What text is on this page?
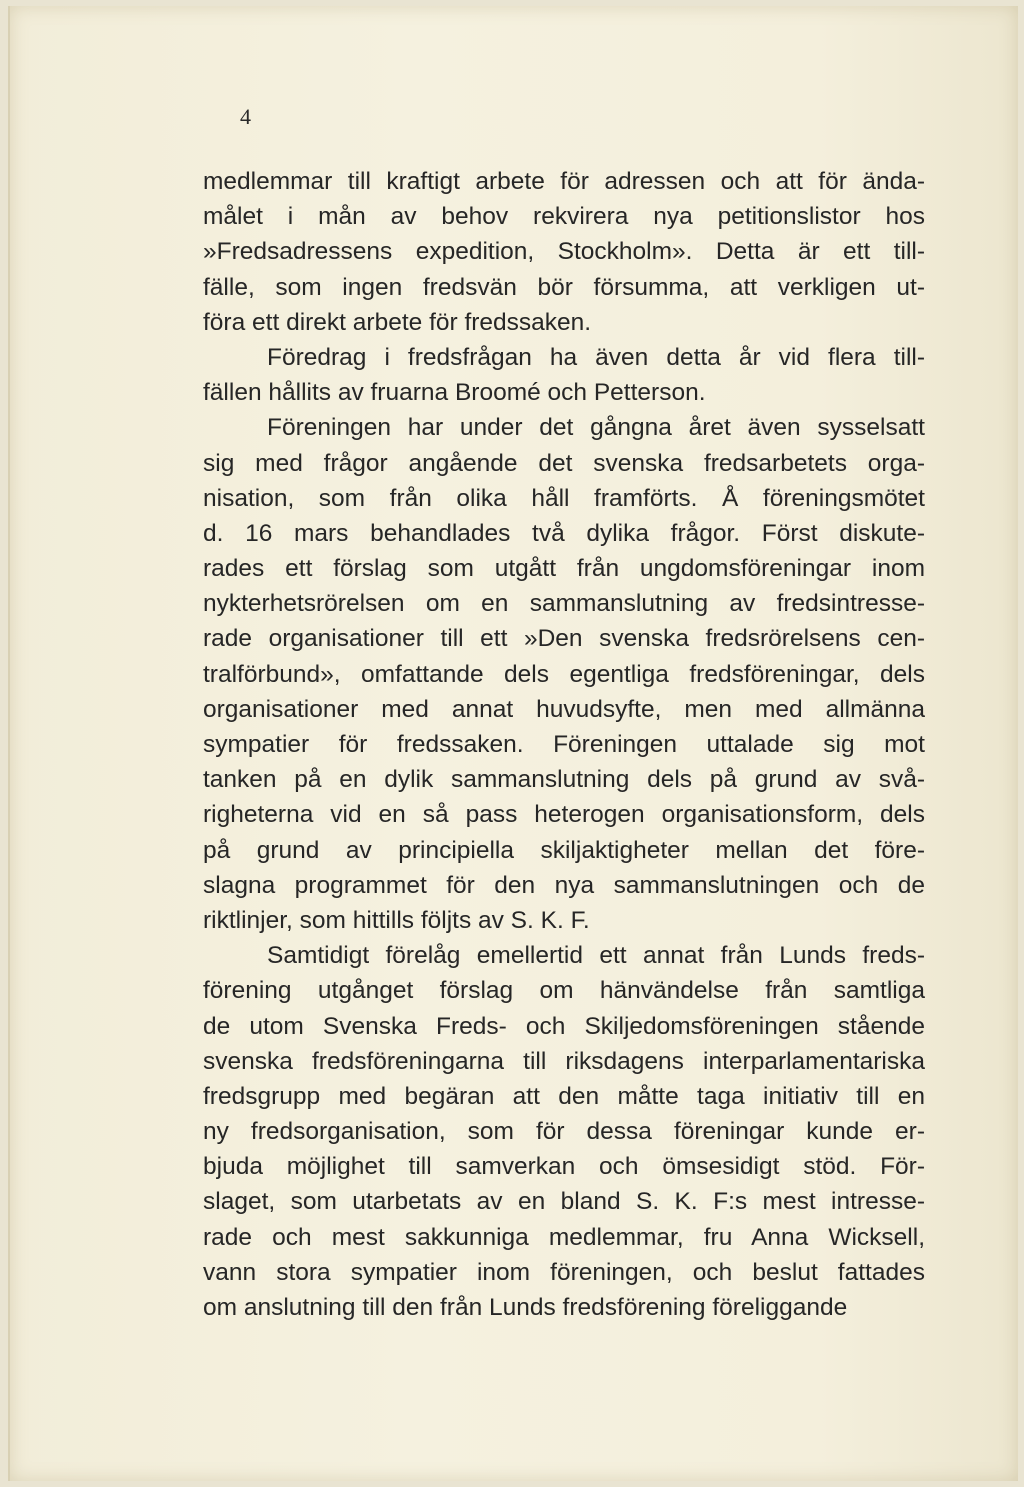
4

medlemmar till kraftigt arbete för adressen och att för ända-
målet i mån av behov rekvirera nya petitionslistor hos
»Fredsadressens expedition, Stockholm». Detta är ett till-
fälle, som ingen fredsvän bör försumma, att verkligen ut-
föra ett direkt arbete för fredssaken.
Föredrag i fredsfrågan ha även detta år vid flera till-
fällen hållits av fruarna Broomé och Petterson.
Föreningen har under det gångna året även sysselsatt
sig med frågor angående det svenska fredsarbetets orga-
nisation, som från olika håll framförts. Å föreningsmötet
d. 16 mars behandlades två dylika frågor. Först diskute-
rades ett förslag som utgått från ungdomsföreningar inom
nykterhetsrörelsen om en sammanslutning av fredsintresse-
rade organisationer till ett »Den svenska fredsrörelsens cen-
tralförbund», omfattande dels egentliga fredsföreningar, dels
organisationer med annat huvudsyfte, men med allmänna
sympatier för fredssaken. Föreningen uttalade sig mot
tanken på en dylik sammanslutning dels på grund av svå-
righeterna vid en så pass heterogen organisationsform, dels
på grund av principiella skiljaktigheter mellan det före-
slagna programmet för den nya sammanslutningen och de
riktlinjer, som hittills följts av S. K. F.
Samtidigt förelåg emellertid ett annat från Lunds freds-
förening utgånget förslag om hänvändelse från samtliga
de utom Svenska Freds- och Skiljedomsföreningen stående
svenska fredsföreningarna till riksdagens interparlamentariska
fredsgrupp med begäran att den måtte taga initiativ till en
ny fredsorganisation, som för dessa föreningar kunde er-
bjuda möjlighet till samverkan och ömsesidigt stöd. För-
slaget, som utarbetats av en bland S. K. F:s mest intresse-
rade och mest sakkunniga medlemmar, fru Anna Wicksell,
vann stora sympatier inom föreningen, och beslut fattades
om anslutning till den från Lunds fredsförening föreliggande
